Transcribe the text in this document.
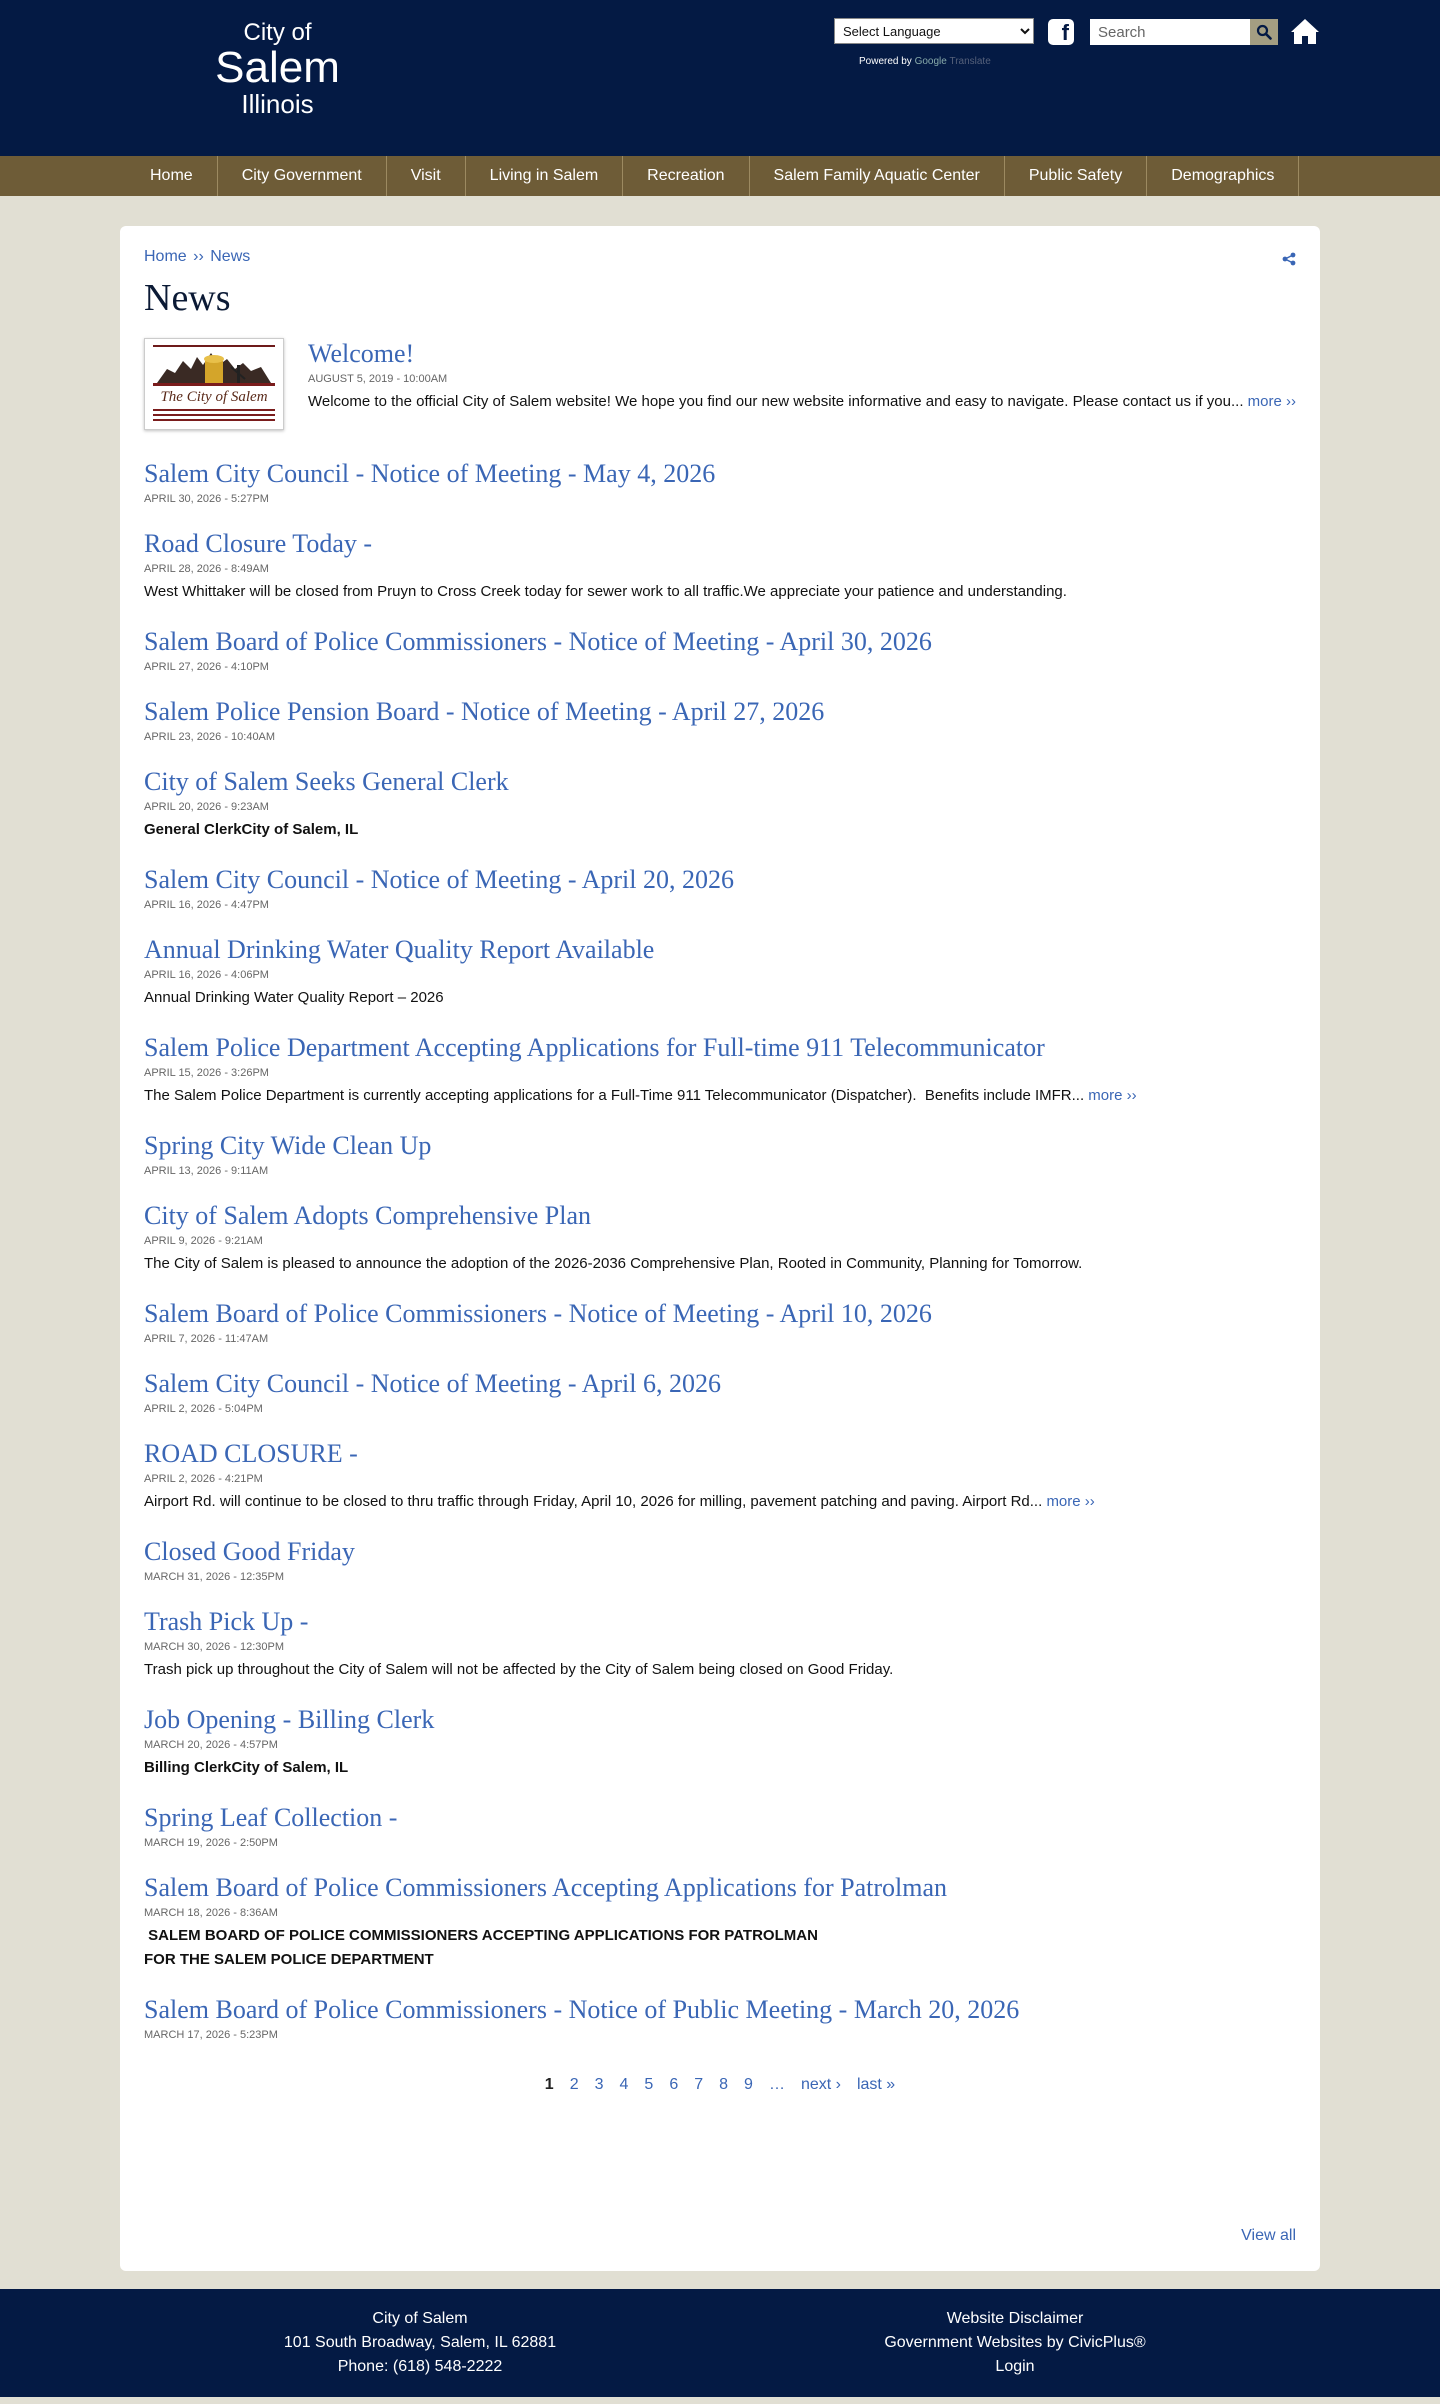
City of
Salem
Illinois
Select Language
Powered by Google Translate
f
Search
Home	City Government	Visit	Living in Salem	Recreation	Salem Family Aquatic Center	Public Safety	Demographics
Home ›› News
News
The City of Salem
Welcome!
AUGUST 5, 2019 - 10:00AM
Welcome to the official City of Salem website! We hope you find our new website informative and easy to navigate. Please contact us if you... more ››
Salem City Council - Notice of Meeting - May 4, 2026
APRIL 30, 2026 - 5:27PM
Road Closure Today -
APRIL 28, 2026 - 8:49AM
West Whittaker will be closed from Pruyn to Cross Creek today for sewer work to all traffic.We appreciate your patience and understanding.
Salem Board of Police Commissioners - Notice of Meeting - April 30, 2026
APRIL 27, 2026 - 4:10PM
Salem Police Pension Board - Notice of Meeting - April 27, 2026
APRIL 23, 2026 - 10:40AM
City of Salem Seeks General Clerk
APRIL 20, 2026 - 9:23AM
General ClerkCity of Salem, IL
Salem City Council - Notice of Meeting - April 20, 2026
APRIL 16, 2026 - 4:47PM
Annual Drinking Water Quality Report Available
APRIL 16, 2026 - 4:06PM
Annual Drinking Water Quality Report – 2026
Salem Police Department Accepting Applications for Full-time 911 Telecommunicator
APRIL 15, 2026 - 3:26PM
The Salem Police Department is currently accepting applications for a Full-Time 911 Telecommunicator (Dispatcher).  Benefits include IMFR... more ››
Spring City Wide Clean Up
APRIL 13, 2026 - 9:11AM
City of Salem Adopts Comprehensive Plan
APRIL 9, 2026 - 9:21AM
The City of Salem is pleased to announce the adoption of the 2026-2036 Comprehensive Plan, Rooted in Community, Planning for Tomorrow.
Salem Board of Police Commissioners - Notice of Meeting - April 10, 2026
APRIL 7, 2026 - 11:47AM
Salem City Council - Notice of Meeting - April 6, 2026
APRIL 2, 2026 - 5:04PM
ROAD CLOSURE -
APRIL 2, 2026 - 4:21PM
Airport Rd. will continue to be closed to thru traffic through Friday, April 10, 2026 for milling, pavement patching and paving. Airport Rd... more ››
Closed Good Friday
MARCH 31, 2026 - 12:35PM
Trash Pick Up -
MARCH 30, 2026 - 12:30PM
Trash pick up throughout the City of Salem will not be affected by the City of Salem being closed on Good Friday.
Job Opening - Billing Clerk
MARCH 20, 2026 - 4:57PM
Billing ClerkCity of Salem, IL
Spring Leaf Collection -
MARCH 19, 2026 - 2:50PM
Salem Board of Police Commissioners Accepting Applications for Patrolman
MARCH 18, 2026 - 8:36AM
SALEM BOARD OF POLICE COMMISSIONERS ACCEPTING APPLICATIONS FOR PATROLMAN
FOR THE SALEM POLICE DEPARTMENT
Salem Board of Police Commissioners - Notice of Public Meeting - March 20, 2026
MARCH 17, 2026 - 5:23PM
1 2 3 4 5 6 7 8 9 … next › last »
View all
City of Salem
101 South Broadway, Salem, IL 62881
Phone: (618) 548-2222
Website Disclaimer
Government Websites by CivicPlus®
Login
